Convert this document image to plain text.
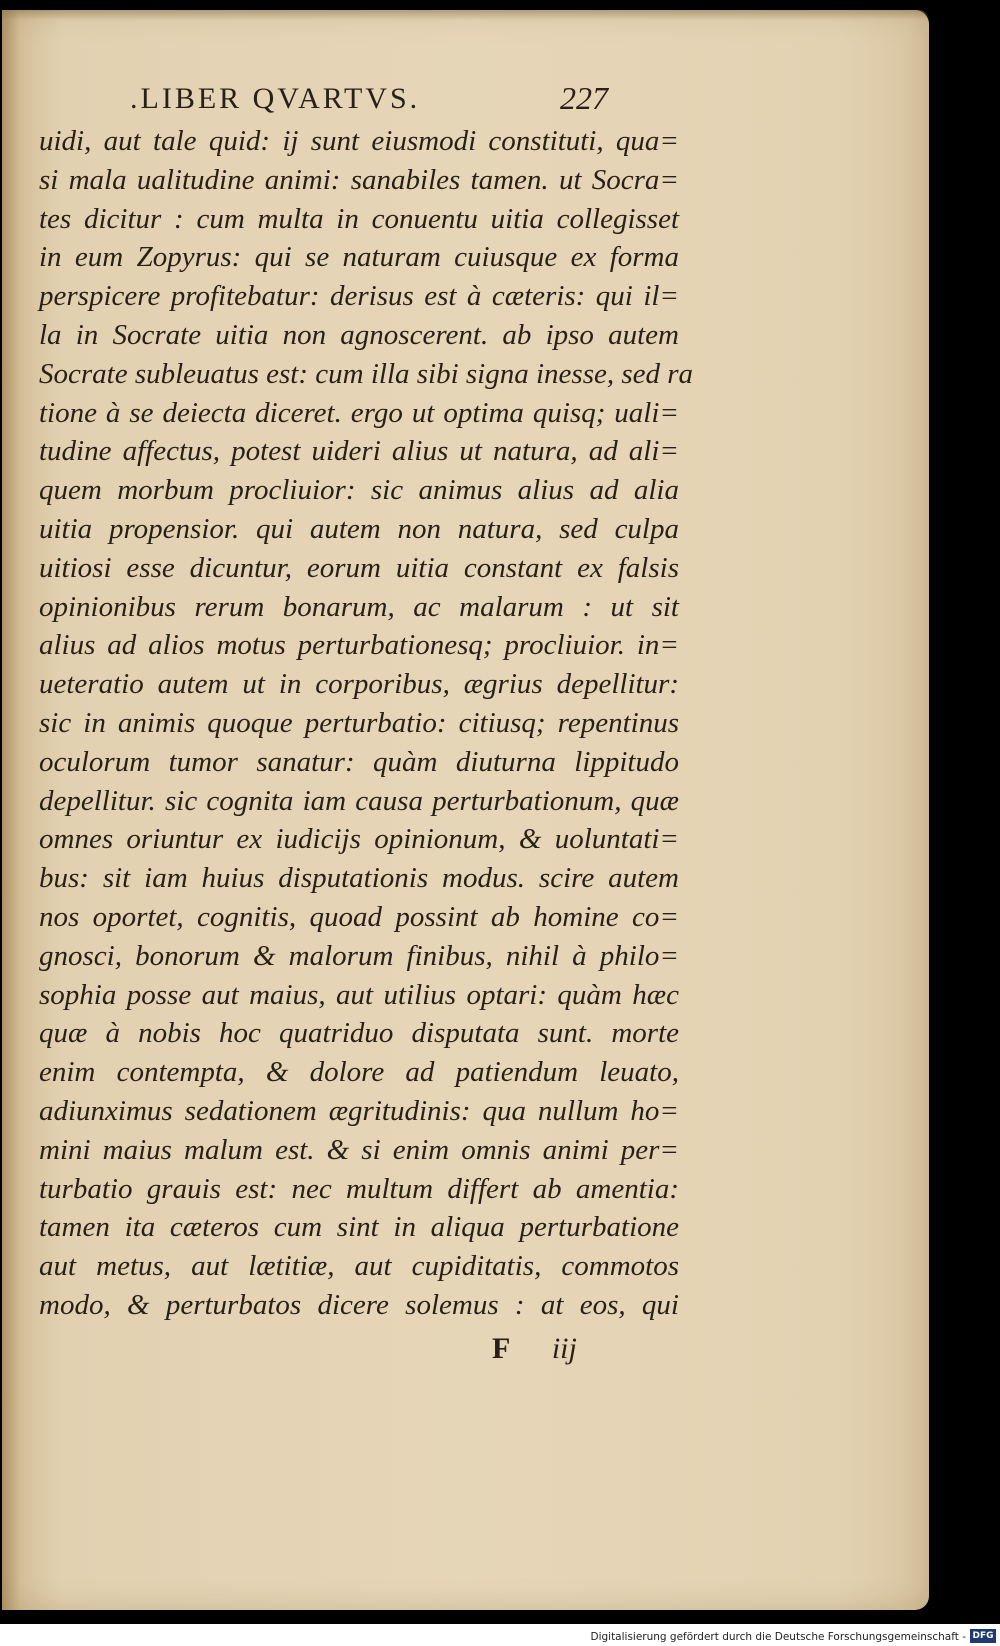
.LIBER QVARTVS.	227
uidi, aut tale quid: ij sunt eiusmodi constituti, qua=
si mala ualitudine animi: sanabiles tamen. ut Socra=
tes dicitur : cum multa in conuentu uitia collegisset
in eum Zopyrus: qui se naturam cuiusque ex forma
perspicere profitebatur: derisus est à cæteris: qui il=
la in Socrate uitia non agnoscerent. ab ipso autem
Socrate subleuatus est: cum illa sibi signa inesse, sed ra
tione à se deiecta diceret. ergo ut optima quisq; uali=
tudine affectus, potest uideri alius ut natura, ad ali=
quem morbum procliuior: sic animus alius ad alia
uitia propensior. qui autem non natura, sed culpa
uitiosi esse dicuntur, eorum uitia constant ex falsis
opinionibus rerum bonarum, ac malarum : ut sit
alius ad alios motus perturbationesq; procliuior. in=
ueteratio autem ut in corporibus, ægrius depellitur:
sic in animis quoque perturbatio: citiusq; repentinus
oculorum tumor sanatur: quàm diuturna lippitudo
depellitur. sic cognita iam causa perturbationum, quæ
omnes oriuntur ex iudicijs opinionum, & uoluntati=
bus: sit iam huius disputationis modus. scire autem
nos oportet, cognitis, quoad possint ab homine co=
gnosci, bonorum & malorum finibus, nihil à philo=
sophia posse aut maius, aut utilius optari: quàm hæc
quæ à nobis hoc quatriduo disputata sunt. morte
enim contempta, & dolore ad patiendum leuato,
adiunximus sedationem ægritudinis: qua nullum ho=
mini maius malum est. & si enim omnis animi per=
turbatio grauis est: nec multum differt ab amentia:
tamen ita cæteros cum sint in aliqua perturbatione
aut metus, aut lætitiæ, aut cupiditatis, commotos
modo, & perturbatos dicere solemus : at eos, qui
F iij
Digitalisierung gefördert durch die Deutsche Forschungsgemeinschaft - DFG
